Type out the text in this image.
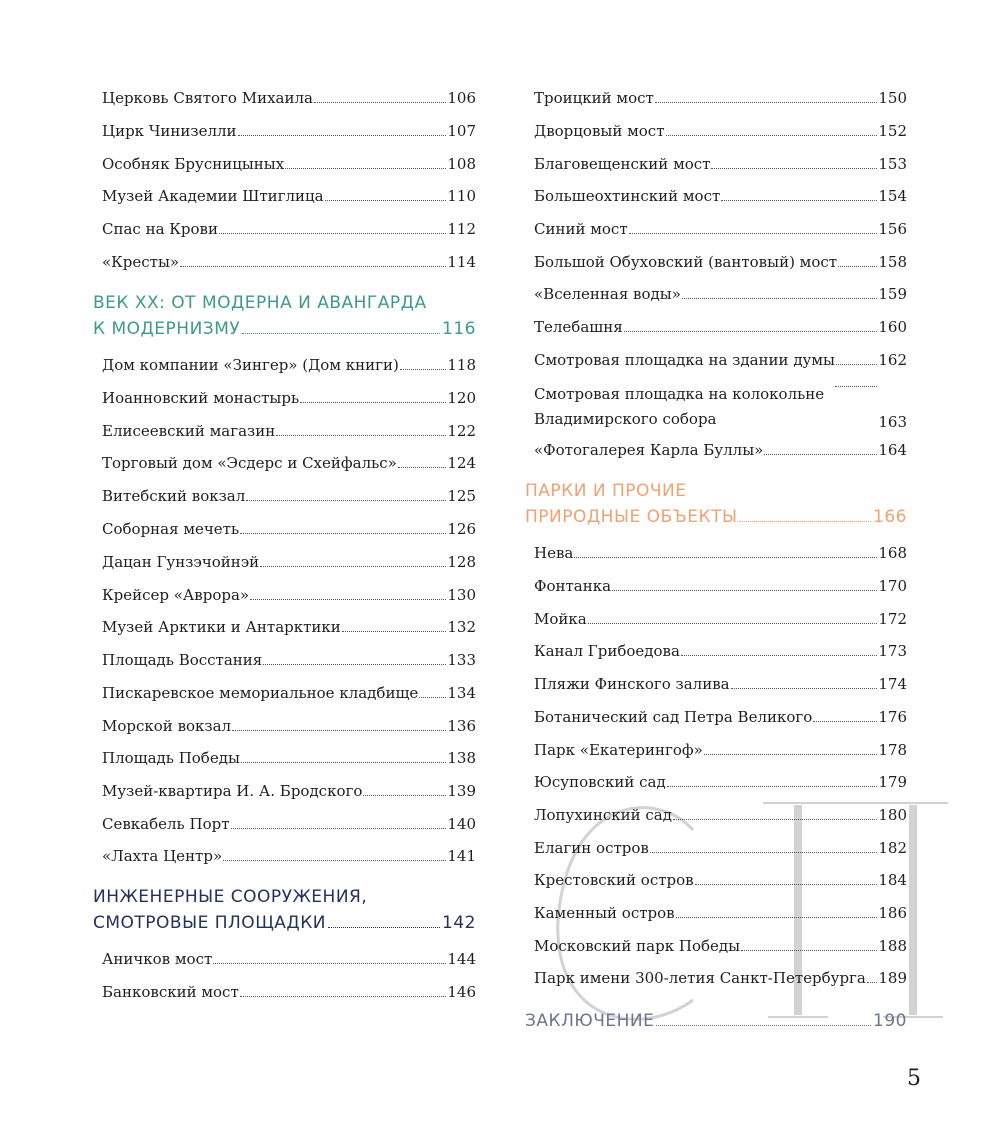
Церковь Святого Михаила	106
Цирк Чинизелли	107
Особняк Брусницыных	108
Музей Академии Штиглица	110
Спас на Крови	112
«Кресты»	114
ВЕК XX: ОТ МОДЕРНА И АВАНГАРДА
К МОДЕРНИЗМУ	116
Дом компании «Зингер» (Дом книги)	118
Иоанновский монастырь	120
Елисеевский магазин	122
Торговый дом «Эсдерс и Схейфальс»	124
Витебский вокзал	125
Соборная мечеть	126
Дацан Гунзэчойнэй	128
Крейсер «Аврора»	130
Музей Арктики и Антарктики	132
Площадь Восстания	133
Пискаревское мемориальное кладбище 134
Морской вокзал	136
Площадь Победы	138
Музей-квартира И. А. Бродского	139
Севкабель Порт	140
«Лахта Центр»	141
ИНЖЕНЕРНЫЕ СООРУЖЕНИЯ,
СМОТРОВЫЕ ПЛОЩАДКИ	142
Аничков мост	144
Банковский мост	146
Троицкий мост	150
Дворцовый мост	152
Благовещенский мост	153
Большеохтинский мост	154
Синий мост	156
Большой Обуховский (вантовый) мост	158
«Вселенная воды»	159
Телебашня	160
Смотровая площадка на здании думы	162
Смотровая площадка на колокольне Владимирского собора	163
«Фотогалерея Карла Буллы»	164
ПАРКИ И ПРОЧИЕ
ПРИРОДНЫЕ ОБЪЕКТЫ	166
Нева	168
Фонтанка	170
Мойка	172
Канал Грибоедова	173
Пляжи Финского залива	174
Ботанический сад Петра Великого	176
Парк «Екатерингоф»	178
Юсуповский сад	179
Лопухинский сад	180
Елагин остров	182
Крестовский остров	184
Каменный остров	186
Московский парк Победы	188
Парк имени 300-летия Санкт-Петербурга 189
ЗАКЛЮЧЕНИЕ	190
5
